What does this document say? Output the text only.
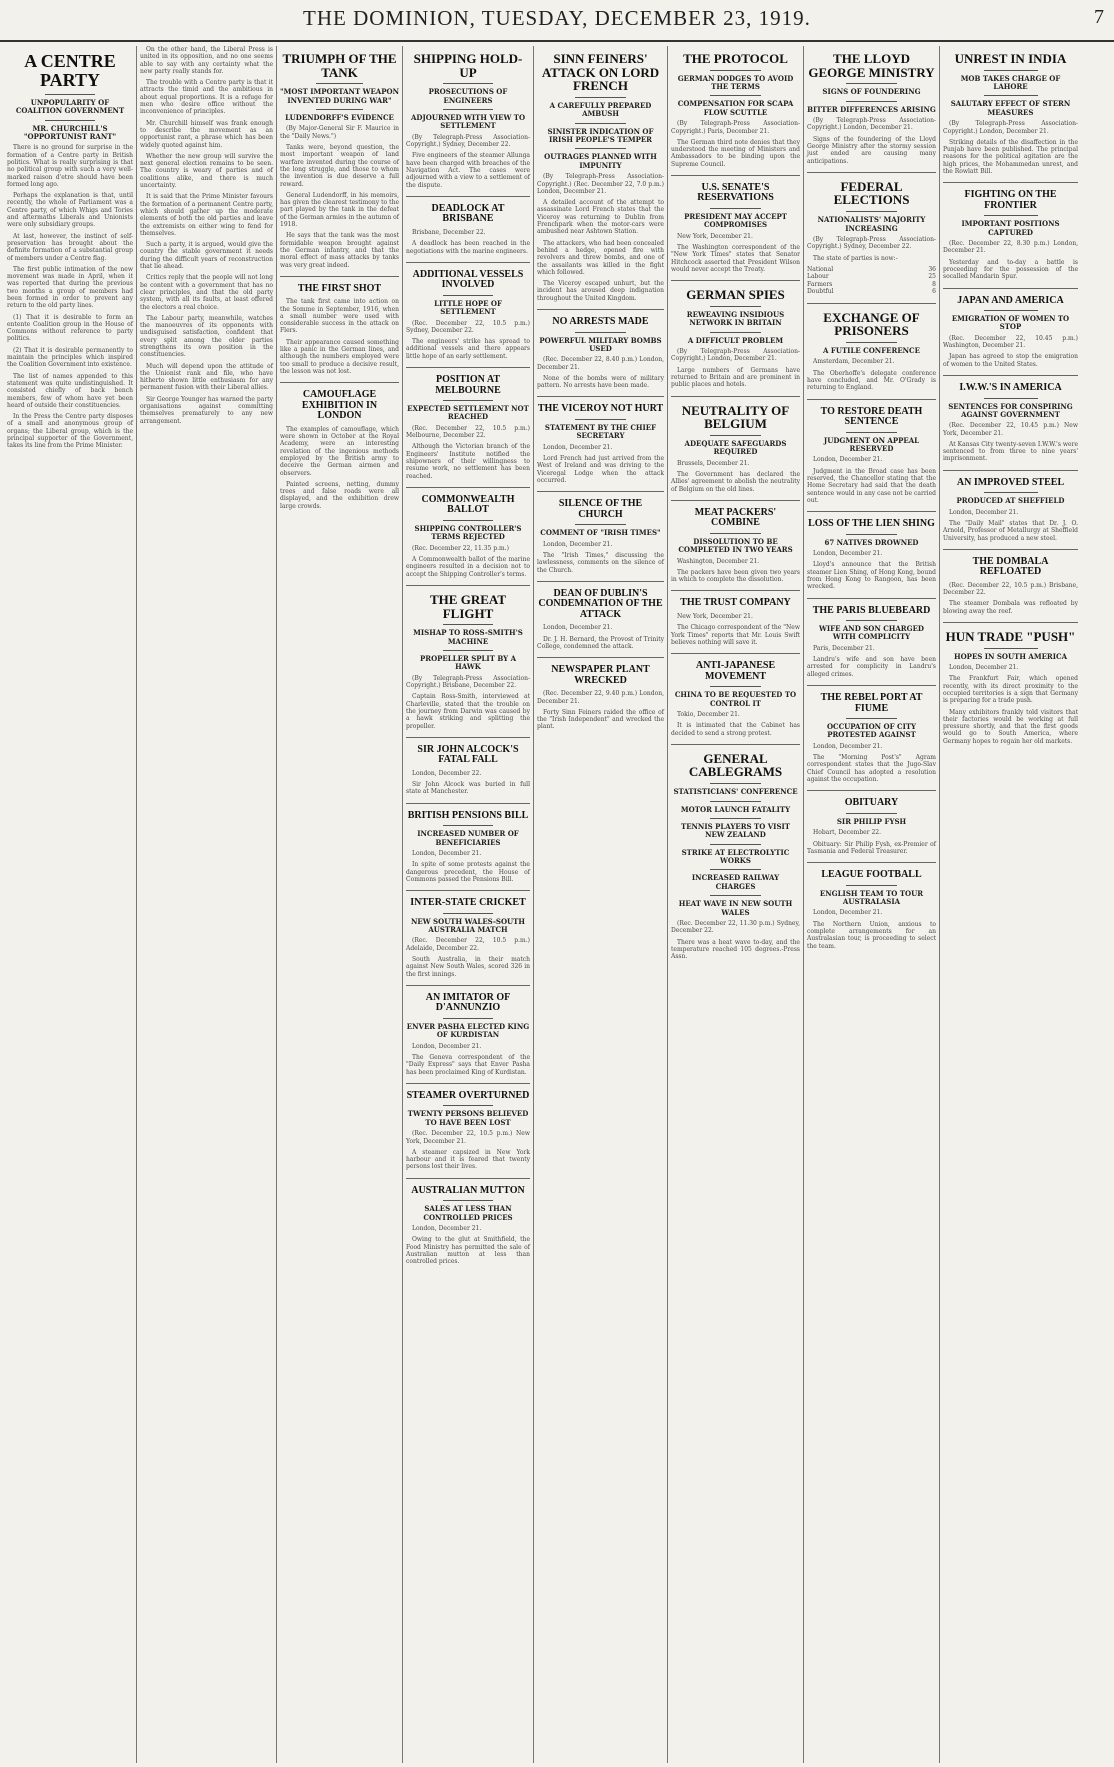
THE DOMINION, TUESDAY, DECEMBER 23, 1919.	7
A CENTRE PARTY
UNPOPULARITY OF COALITION GOVERNMENT
MR. CHURCHILL'S "OPPORTUNIST RANT"

There is no ground for surprise in the formation of a Centre party in British politics. What is really surprising is that no political group with such a very well-marked raison d'etre should have been formed long ago.

Perhaps the explanation is that, until recently, the whole of Parliament was a Centre party, of which Whigs and Tories and aftermaths Liberals and Unionists were only subsidiary groups.

At last, however, the instinct of self-preservation has brought about the definite formation of a substantial group of members under a Centre flag.

The first public intimation of the new movement was made in April, when it was reported that during the previous two months a group of members had been formed in order to prevent any return to the old party lines.

(1) That it is desirable to form an entente Coalition group in the House of Commons without reference to party politics.

(2) That it is desirable permanently to maintain the principles which inspired the Coalition Government into existence.

The list of names appended to this statement was quite undistinguished. It consisted chiefly of back bench members, few of whom have yet been heard of outside their constituencies.

In the Press the Centre party disposes of a small and anonymous group of organs; the Liberal group, which is the principal supporter of the Government, takes its line from the Prime Minister.

On the other hand, the Liberal Press is united in its opposition, and no one seems able to say with any certainty what the new party really stands for.

The trouble with a Centre party is that it attracts the timid and the ambitious in about equal proportions. It is a refuge for men who desire office without the inconvenience of principles.

Mr. Churchill himself was frank enough to describe the movement as an opportunist rant, a phrase which has been widely quoted against him.

Whether the new group will survive the next general election remains to be seen. The country is weary of parties and of coalitions alike, and there is much uncertainty.

It is said that the Prime Minister favours the formation of a permanent Centre party, which should gather up the moderate elements of both the old parties and leave the extremists on either wing to fend for themselves.

Such a party, it is argued, would give the country the stable government it needs during the difficult years of reconstruction that lie ahead.

Critics reply that the people will not long be content with a government that has no clear principles, and that the old party system, with all its faults, at least offered the electors a real choice.

The Labour party, meanwhile, watches the manoeuvres of its opponents with undisguised satisfaction, confident that every split among the older parties strengthens its own position in the constituencies.

Much will depend upon the attitude of the Unionist rank and file, who have hitherto shown little enthusiasm for any permanent fusion with their Liberal allies.

Sir George Younger has warned the party organisations against committing themselves prematurely to any new arrangement.

TRIUMPH OF THE TANK
"MOST IMPORTANT WEAPON INVENTED DURING WAR"
LUDENDORFF'S EVIDENCE

(By Major-General Sir F. Maurice in the "Daily News.")

Tanks were, beyond question, the most important weapon of land warfare invented during the course of the long struggle, and those to whom the invention is due deserve a full reward.

General Ludendorff, in his memoirs, has given the clearest testimony to the part played by the tank in the defeat of the German armies in the autumn of 1918.

He says that the tank was the most formidable weapon brought against the German infantry, and that the moral effect of mass attacks by tanks was very great indeed.

THE FIRST SHOT

The tank first came into action on the Somme in September, 1916, when a small number were used with considerable success in the attack on Flers.

Their appearance caused something like a panic in the German lines, and although the numbers employed were too small to produce a decisive result, the lesson was not lost.

CAMOUFLAGE EXHIBITION IN LONDON

The examples of camouflage, which were shown in October at the Royal Academy, were an interesting revelation of the ingenious methods employed by the British army to deceive the German airmen and observers.

Painted screens, netting, dummy trees and false roads were all displayed, and the exhibition drew large crowds.

SHIPPING HOLD-UP
PROSECUTIONS OF ENGINEERS
ADJOURNED WITH VIEW TO SETTLEMENT

(By Telegraph-Press Association-Copyright.) Sydney, December 22.

Five engineers of the steamer Allunga have been charged with breaches of the Navigation Act. The cases were adjourned with a view to a settlement of the dispute.

DEADLOCK AT BRISBANE

Brisbane, December 22.

A deadlock has been reached in the negotiations with the marine engineers.

ADDITIONAL VESSELS INVOLVED
LITTLE HOPE OF SETTLEMENT

(Rec. December 22, 10.5 p.m.) Sydney, December 22.

The engineers' strike has spread to additional vessels and there appears little hope of an early settlement.

POSITION AT MELBOURNE
EXPECTED SETTLEMENT NOT REACHED

(Rec. December 22, 10.5 p.m.) Melbourne, December 22.

Although the Victorian branch of the Engineers' Institute notified the shipowners of their willingness to resume work, no settlement has been reached.

COMMONWEALTH BALLOT
SHIPPING CONTROLLER'S TERMS REJECTED

(Rec. December 22, 11.35 p.m.)

A Commonwealth ballot of the marine engineers resulted in a decision not to accept the Shipping Controller's terms.

THE GREAT FLIGHT
MISHAP TO ROSS-SMITH'S MACHINE
PROPELLER SPLIT BY A HAWK

(By Telegraph-Press Association-Copyright.) Brisbane, December 22.

Captain Ross-Smith, interviewed at Charleville, stated that the trouble on the journey from Darwin was caused by a hawk striking and splitting the propeller.

SIR JOHN ALCOCK'S FATAL FALL

London, December 22.

Sir John Alcock was buried in full state at Manchester.

BRITISH PENSIONS BILL
INCREASED NUMBER OF BENEFICIARIES

London, December 21.

In spite of some protests against the dangerous precedent, the House of Commons passed the Pensions Bill.

INTER-STATE CRICKET
NEW SOUTH WALES-SOUTH AUSTRALIA MATCH

(Rec. December 22, 10.5 p.m.) Adelaide, December 22.

South Australia, in their match against New South Wales, scored 326 in the first innings.

AN IMITATOR OF D'ANNUNZIO
ENVER PASHA ELECTED KING OF KURDISTAN

London, December 21.

The Geneva correspondent of the "Daily Express" says that Enver Pasha has been proclaimed King of Kurdistan.

STEAMER OVERTURNED
TWENTY PERSONS BELIEVED TO HAVE BEEN LOST

(Rec. December 22, 10.5 p.m.) New York, December 21.

A steamer capsized in New York harbour and it is feared that twenty persons lost their lives.

AUSTRALIAN MUTTON
SALES AT LESS THAN CONTROLLED PRICES

London, December 21.

Owing to the glut at Smithfield, the Food Ministry has permitted the sale of Australian mutton at less than controlled prices.

SINN FEINERS' ATTACK ON LORD FRENCH
A CAREFULLY PREPARED AMBUSH
SINISTER INDICATION OF IRISH PEOPLE'S TEMPER
OUTRAGES PLANNED WITH IMPUNITY

(By Telegraph-Press Association-Copyright.) (Rec. December 22, 7.0 p.m.) London, December 21.

A detailed account of the attempt to assassinate Lord French states that the Viceroy was returning to Dublin from Frenchpark when the motor-cars were ambushed near Ashtown Station.

The attackers, who had been concealed behind a hedge, opened fire with revolvers and threw bombs, and one of the assailants was killed in the fight which followed.

The Viceroy escaped unhurt, but the incident has aroused deep indignation throughout the United Kingdom.

NO ARRESTS MADE
POWERFUL MILITARY BOMBS USED

(Rec. December 22, 8.40 p.m.) London, December 21.

None of the bombs were of military pattern. No arrests have been made.

THE VICEROY NOT HURT
STATEMENT BY THE CHIEF SECRETARY

London, December 21.

Lord French had just arrived from the West of Ireland and was driving to the Viceregal Lodge when the attack occurred.

SILENCE OF THE CHURCH
COMMENT OF "IRISH TIMES"

London, December 21.

The "Irish Times," discussing the lawlessness, comments on the silence of the Church.

DEAN OF DUBLIN'S CONDEMNATION OF THE ATTACK

London, December 21.

Dr. J. H. Bernard, the Provost of Trinity College, condemned the attack.

NEWSPAPER PLANT WRECKED

(Rec. December 22, 9.40 p.m.) London, December 21.

Forty Sinn Feiners raided the office of the "Irish Independent" and wrecked the plant.

THE PROTOCOL
GERMAN DODGES TO AVOID THE TERMS
COMPENSATION FOR SCAPA FLOW SCUTTLE

(By Telegraph-Press Association-Copyright.) Paris, December 21.

The German third note denies that they understood the meeting of Ministers and Ambassadors to be binding upon the Supreme Council.

U.S. SENATE'S RESERVATIONS
PRESIDENT MAY ACCEPT COMPROMISES

New York, December 21.

The Washington correspondent of the "New York Times" states that Senator Hitchcock asserted that President Wilson would never accept the Treaty.

GERMAN SPIES
REWEAVING INSIDIOUS NETWORK IN BRITAIN
A DIFFICULT PROBLEM

(By Telegraph-Press Association-Copyright.) London, December 21.

Large numbers of Germans have returned to Britain and are prominent in public places and hotels.

NEUTRALITY OF BELGIUM
ADEQUATE SAFEGUARDS REQUIRED

Brussels, December 21.

The Government has declared the Allies' agreement to abolish the neutrality of Belgium on the old lines.

MEAT PACKERS' COMBINE
DISSOLUTION TO BE COMPLETED IN TWO YEARS

Washington, December 21.

The packers have been given two years in which to complete the dissolution.

THE TRUST COMPANY

New York, December 21.

The Chicago correspondent of the "New York Times" reports that Mr. Louis Swift believes nothing will save it.

ANTI-JAPANESE MOVEMENT
CHINA TO BE REQUESTED TO CONTROL IT

Tokio, December 21.

It is intimated that the Cabinet has decided to send a strong protest.

GENERAL CABLEGRAMS
STATISTICIANS' CONFERENCE
MOTOR LAUNCH FATALITY
TENNIS PLAYERS TO VISIT NEW ZEALAND
STRIKE AT ELECTROLYTIC WORKS
INCREASED RAILWAY CHARGES
HEAT WAVE IN NEW SOUTH WALES

(Rec. December 22, 11.30 p.m.) Sydney, December 22.

There was a heat wave to-day, and the temperature reached 105 degrees.-Press Assn.

THE LLOYD GEORGE MINISTRY
SIGNS OF FOUNDERING
BITTER DIFFERENCES ARISING

(By Telegraph-Press Association-Copyright.) London, December 21.

Signs of the foundering of the Lloyd George Ministry after the stormy session just ended are causing many anticipations.

FEDERAL ELECTIONS
NATIONALISTS' MAJORITY INCREASING

(By Telegraph-Press Association-Copyright.) Sydney, December 22.

The state of parties is now:-

National	36
Labour	25
Farmers	8
Doubtful	6
EXCHANGE OF PRISONERS
A FUTILE CONFERENCE

Amsterdam, December 21.

The Oberhoffe's delegate conference have concluded, and Mr. O'Grady is returning to England.

TO RESTORE DEATH SENTENCE
JUDGMENT ON APPEAL RESERVED

London, December 21.

Judgment in the Broad case has been reserved, the Chancellor stating that the Home Secretary had said that the death sentence would in any case not be carried out.

LOSS OF THE LIEN SHING
67 NATIVES DROWNED

London, December 21.

Lloyd's announce that the British steamer Lien Shing, of Hong Kong, bound from Hong Kong to Rangoon, has been wrecked.

THE PARIS BLUEBEARD
WIFE AND SON CHARGED WITH COMPLICITY

Paris, December 21.

Landru's wife and son have been arrested for complicity in Landru's alleged crimes.

THE REBEL PORT AT FIUME
OCCUPATION OF CITY PROTESTED AGAINST

London, December 21.

The "Morning Post's" Agram correspondent states that the Jugo-Slav Chief Council has adopted a resolution against the occupation.

OBITUARY
SIR PHILIP FYSH

Hobart, December 22.

Obituary: Sir Philip Fysh, ex-Premier of Tasmania and Federal Treasurer.

LEAGUE FOOTBALL
ENGLISH TEAM TO TOUR AUSTRALASIA

London, December 21.

The Northern Union, anxious to complete arrangements for an Australasian tour, is proceeding to select the team.

UNREST IN INDIA
MOB TAKES CHARGE OF LAHORE
SALUTARY EFFECT OF STERN MEASURES

(By Telegraph-Press Association-Copyright.) London, December 21.

Striking details of the disaffection in the Punjab have been published. The principal reasons for the political agitation are the high prices, the Mohammedan unrest, and the Rowlatt Bill.

FIGHTING ON THE FRONTIER
IMPORTANT POSITIONS CAPTURED

(Rec. December 22, 8.30 p.m.) London, December 21.

Yesterday and to-day a battle is proceeding for the possession of the socalled Mandarin Spur.

JAPAN AND AMERICA
EMIGRATION OF WOMEN TO STOP

(Rec. December 22, 10.45 p.m.) Washington, December 21.

Japan has agreed to stop the emigration of women to the United States.

I.W.W.'S IN AMERICA
SENTENCES FOR CONSPIRING AGAINST GOVERNMENT

(Rec. December 22, 10.45 p.m.) New York, December 21.

At Kansas City twenty-seven I.W.W.'s were sentenced to from three to nine years' imprisonment.

AN IMPROVED STEEL
PRODUCED AT SHEFFIELD

London, December 21.

The "Daily Mail" states that Dr. J. O. Arnold, Professor of Metallurgy at Sheffield University, has produced a new steel.

THE DOMBALA REFLOATED

(Rec. December 22, 10.5 p.m.) Brisbane, December 22.

The steamer Dombala was refloated by blowing away the reef.

HUN TRADE "PUSH"
HOPES IN SOUTH AMERICA

London, December 21.

The Frankfurt Fair, which opened recently, with its direct proximity to the occupied territories is a sign that Germany is preparing for a trade push.

Many exhibitors frankly told visitors that their factories would be working at full pressure shortly, and that the first goods would go to South America, where Germany hopes to regain her old markets.
